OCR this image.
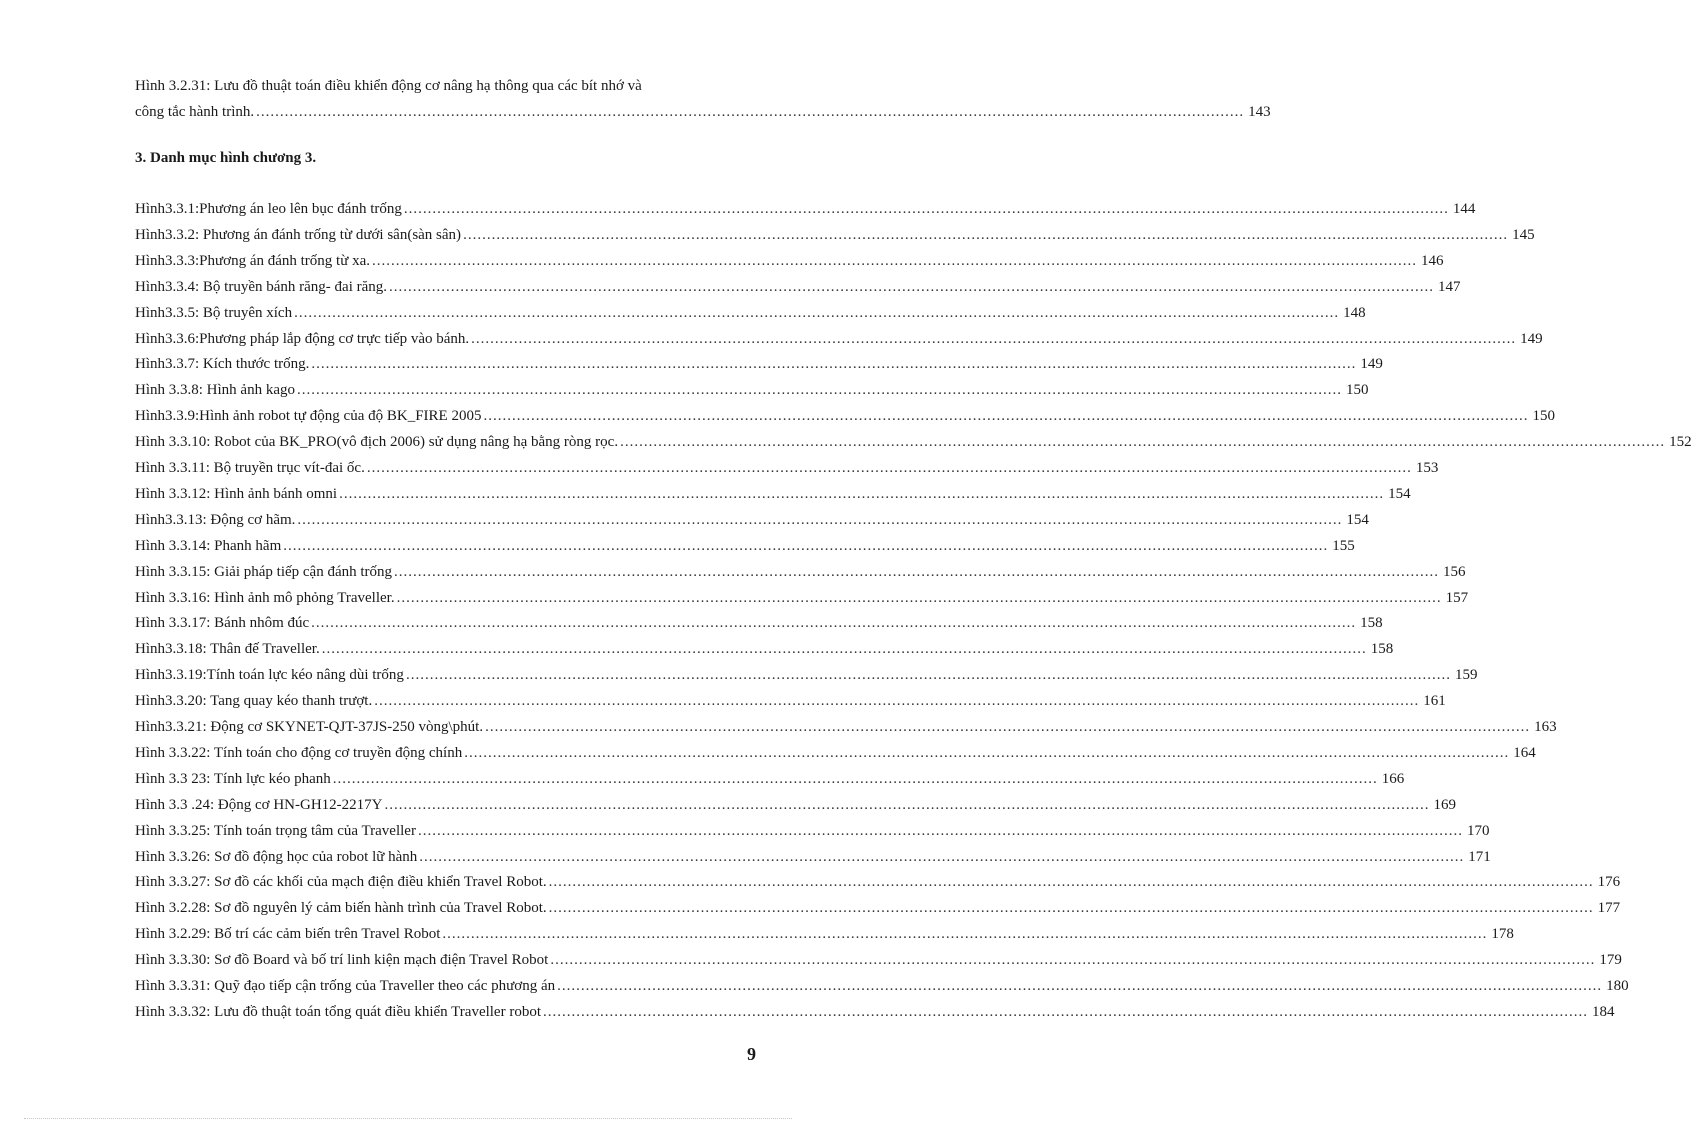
Hình 3.2.31: Lưu đồ thuật toán điều khiển động cơ nâng hạ thông qua các bít nhớ và
công tắc hành trình. ................................................................................................................................................................................................................ 143
3. Danh mục hình chương 3.
Hình3.3.1:Phương án leo lên bục đánh trống ............................................................................................................................................................................................................................ 144
Hình3.3.2: Phương án đánh trống từ dưới sân(sàn sân) ............................................................................................................................................................................................................................ 145
Hình3.3.3:Phương án đánh trống từ xa. ............................................................................................................................................................................................................................ 146
Hình3.3.4: Bộ truyền bánh răng- đai răng. ............................................................................................................................................................................................................................ 147
Hình3.3.5: Bộ truyên xích ............................................................................................................................................................................................................................ 148
Hình3.3.6:Phương pháp lắp động cơ trực tiếp vào bánh. ............................................................................................................................................................................................................................ 149
Hình3.3.7: Kích thước trống. ............................................................................................................................................................................................................................ 149
Hình 3.3.8: Hình ảnh kago ............................................................................................................................................................................................................................ 150
Hình3.3.9:Hình ảnh robot tự động của độ BK_FIRE 2005 ............................................................................................................................................................................................................................ 150
Hình 3.3.10: Robot của BK_PRO(vô địch 2006) sử dụng nâng hạ bằng ròng rọc. ............................................................................................................................................................................................................................ 152
Hình 3.3.11: Bộ truyền trục vít-đai ốc. ............................................................................................................................................................................................................................ 153
Hình 3.3.12: Hình ảnh bánh omni ............................................................................................................................................................................................................................ 154
Hình3.3.13: Động cơ hãm. ............................................................................................................................................................................................................................ 154
Hình 3.3.14: Phanh hãm ............................................................................................................................................................................................................................ 155
Hình 3.3.15: Giải pháp tiếp cận đánh trống ............................................................................................................................................................................................................................ 156
Hình 3.3.16: Hình ảnh mô phỏng Traveller. ............................................................................................................................................................................................................................ 157
Hình 3.3.17: Bánh nhôm đúc ............................................................................................................................................................................................................................ 158
Hình3.3.18: Thân đế Traveller. ............................................................................................................................................................................................................................ 158
Hình3.3.19:Tính toán lực kéo nâng dùi trống ............................................................................................................................................................................................................................ 159
Hình3.3.20: Tang quay kéo thanh trượt. ............................................................................................................................................................................................................................ 161
Hình3.3.21: Động cơ SKYNET-QJT-37JS-250 vòng\phút. ............................................................................................................................................................................................................................ 163
Hình 3.3.22: Tính toán cho động cơ truyền động chính ............................................................................................................................................................................................................................ 164
Hình 3.3 23: Tính lực kéo phanh ............................................................................................................................................................................................................................ 166
Hình 3.3 .24: Động cơ HN-GH12-2217Y ............................................................................................................................................................................................................................ 169
Hình 3.3.25: Tính toán trọng tâm của Traveller ............................................................................................................................................................................................................................ 170
Hình 3.3.26: Sơ đồ động học của robot lữ hành ............................................................................................................................................................................................................................ 171
Hình 3.3.27: Sơ đồ các khối của mạch điện điều khiển Travel Robot. ............................................................................................................................................................................................................................ 176
Hình 3.2.28: Sơ đồ nguyên lý cảm biến hành trình của Travel Robot. ............................................................................................................................................................................................................................ 177
Hình 3.2.29: Bố trí các cảm biến trên Travel Robot ............................................................................................................................................................................................................................ 178
Hình 3.3.30: Sơ đồ Board và bố trí linh kiện mạch điện Travel Robot ............................................................................................................................................................................................................................ 179
Hình 3.3.31: Quỹ đạo tiếp cận trống của Traveller theo các phương án ............................................................................................................................................................................................................................ 180
Hình 3.3.32: Lưu đồ thuật toán tổng quát điều khiển Traveller robot ............................................................................................................................................................................................................................ 184
9
